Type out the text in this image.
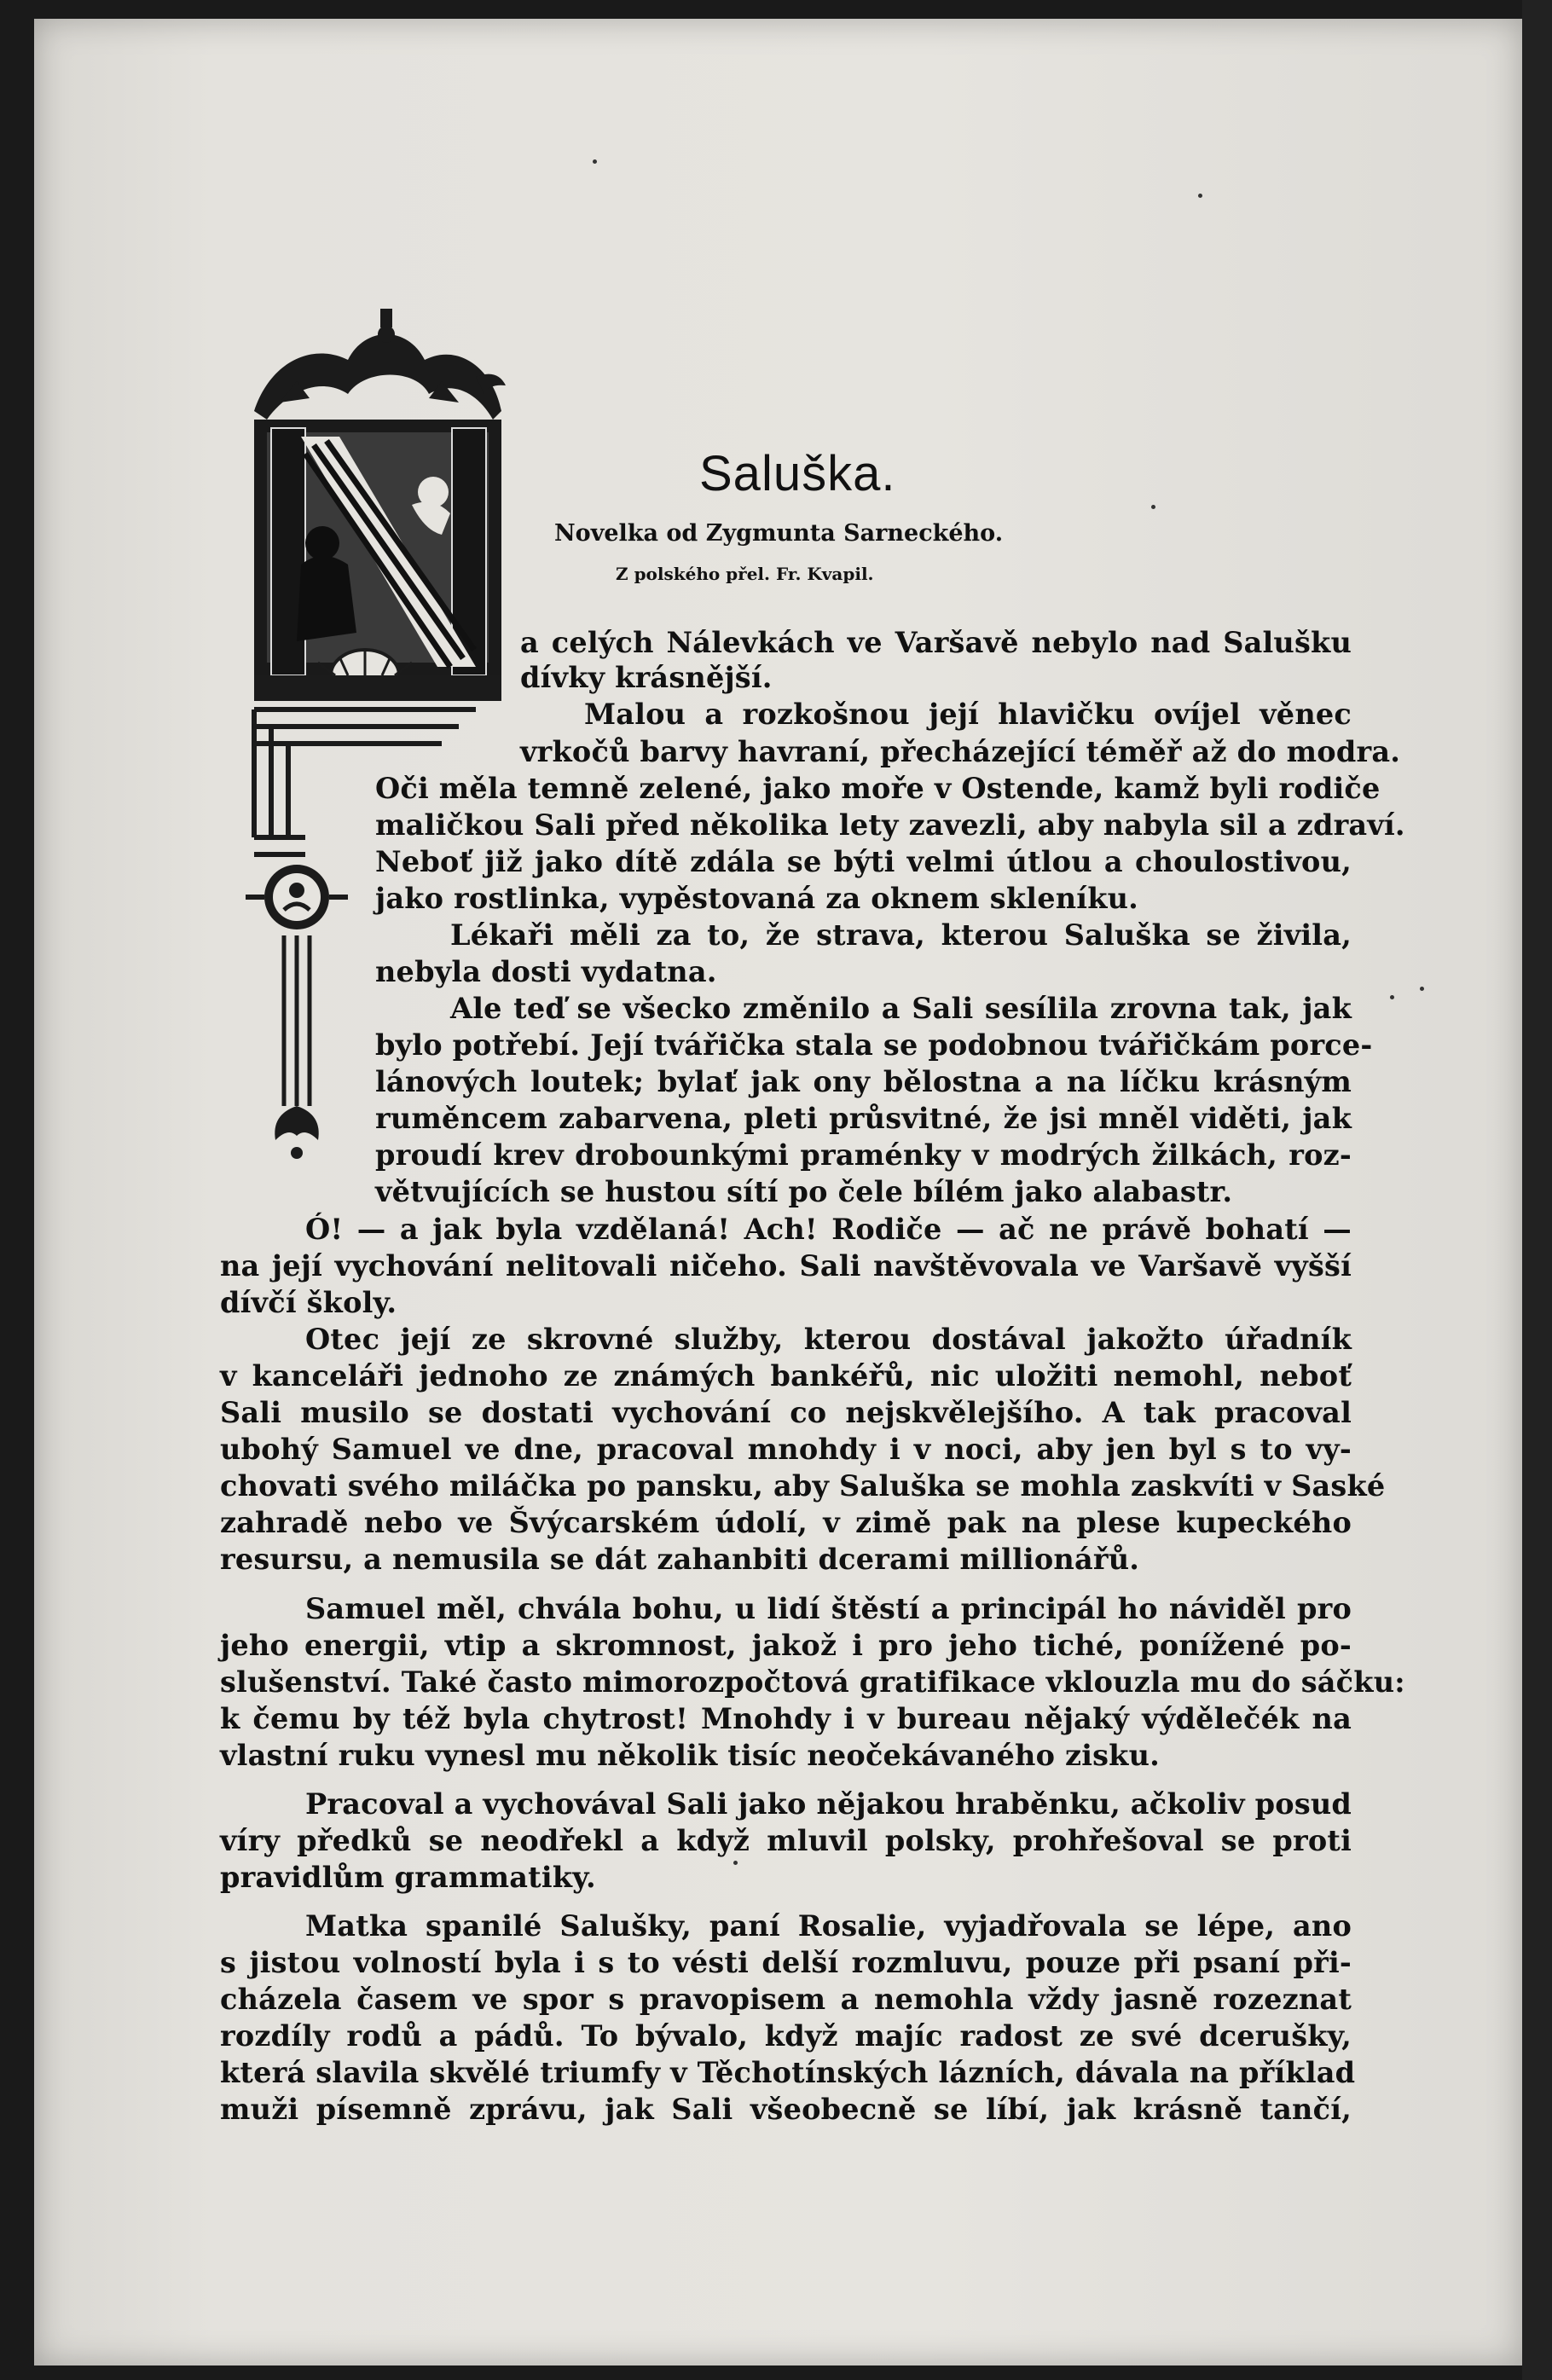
Saluška.
Novelka od Zygmunta Sarneckého.
Z polského přel. Fr. Kvapil.
a celých Nálevkách ve Varšavě nebylo nad Salušku
dívky krásnější.
Malou a rozkošnou její hlavičku ovíjel věnec
vrkočů barvy havraní, přecházející téměř až do modra.
Oči měla temně zelené, jako moře v Ostende, kamž byli rodiče
maličkou Sali před několika lety zavezli, aby nabyla sil a zdraví.
Neboť již jako dítě zdála se býti velmi útlou a choulostivou,
jako rostlinka, vypěstovaná za oknem skleníku.
Lékaři měli za to, že strava, kterou Saluška se živila,
nebyla dosti vydatna.
Ale teď se všecko změnilo a Sali sesílila zrovna tak, jak
bylo potřebí. Její tvářička stala se podobnou tvářičkám porce-
lánových loutek; bylať jak ony bělostna a na líčku krásným
ruměncem zabarvena, pleti průsvitné, že jsi mněl viděti, jak
proudí krev drobounkými praménky v modrých žilkách, roz-
větvujících se hustou sítí po čele bílém jako alabastr.
Ó! — a jak byla vzdělaná! Ach! Rodiče — ač ne právě bohatí —
na její vychování nelitovali ničeho. Sali navštěvovala ve Varšavě vyšší
dívčí školy.
Otec její ze skrovné služby, kterou dostával jakožto úřadník
v kanceláři jednoho ze známých bankéřů, nic uložiti nemohl, neboť
Sali musilo se dostati vychování co nejskvělejšího. A tak pracoval
ubohý Samuel ve dne, pracoval mnohdy i v noci, aby jen byl s to vy-
chovati svého miláčka po pansku, aby Saluška se mohla zaskvíti v Saské
zahradě nebo ve Švýcarském údolí, v zimě pak na plese kupeckého
resursu, a nemusila se dát zahanbiti dcerami millionářů.
Samuel měl, chvála bohu, u lidí štěstí a principál ho náviděl pro
jeho energii, vtip a skromnost, jakož i pro jeho tiché, ponížené po-
slušenství. Také často mimorozpočtová gratifikace vklouzla mu do sáčku:
k čemu by též byla chytrost! Mnohdy i v bureau nějaký výdělečék na
vlastní ruku vynesl mu několik tisíc neočekávaného zisku.
Pracoval a vychovával Sali jako nějakou hraběnku, ačkoliv posud
víry předků se neodřekl a když mluvil polsky, prohřešoval se proti
pravidlům grammatiky.
Matka spanilé Salušky, paní Rosalie, vyjadřovala se lépe, ano
s jistou volností byla i s to vésti delší rozmluvu, pouze při psaní při-
cházela časem ve spor s pravopisem a nemohla vždy jasně rozeznat
rozdíly rodů a pádů. To bývalo, když majíc radost ze své dcerušky,
která slavila skvělé triumfy v Těchotínských lázních, dávala na příklad
muži písemně zprávu, jak Sali všeobecně se líbí, jak krásně tančí,
